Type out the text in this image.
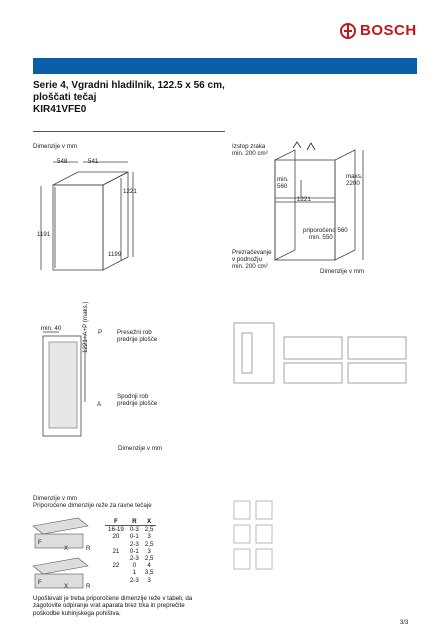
BOSCH
Serie 4, Vgradni hladilnik, 122.5 x 56 cm,
ploščati tečaj
KIR41VFE0
Dimenzije v mm
548	541
1221
1191
1199
Izstop zraka
min. 200 cm²
min.
560
1221
maks.
2200
priporočeno 560
min. 550
Prezračevanje
v podnožju
min. 200 cm²
Dimenzije v mm
min. 40
P
A
1221+A+P (maks.)
Presežni rob
prednje plošče
Spodnji rob
prednje plošče
Dimenzije v mm
Dimenzije v mm
Priporočene dimenzije reže za ravne tečaje
F
X	R
F
X	R
F	R	X
16-19	0-3	2,5
20	0-1	3
	2-3	2,5
21	0-1	3
	2-3	2,5
22	0	4
	1	3,5
	2-3	3
Upoštevati je treba priporočene dimenzije reže v tabeli, da zagotovite odpiranje vrat aparata brez trka in preprečite poškodbe kuhinjskega pohištva.
3/3
